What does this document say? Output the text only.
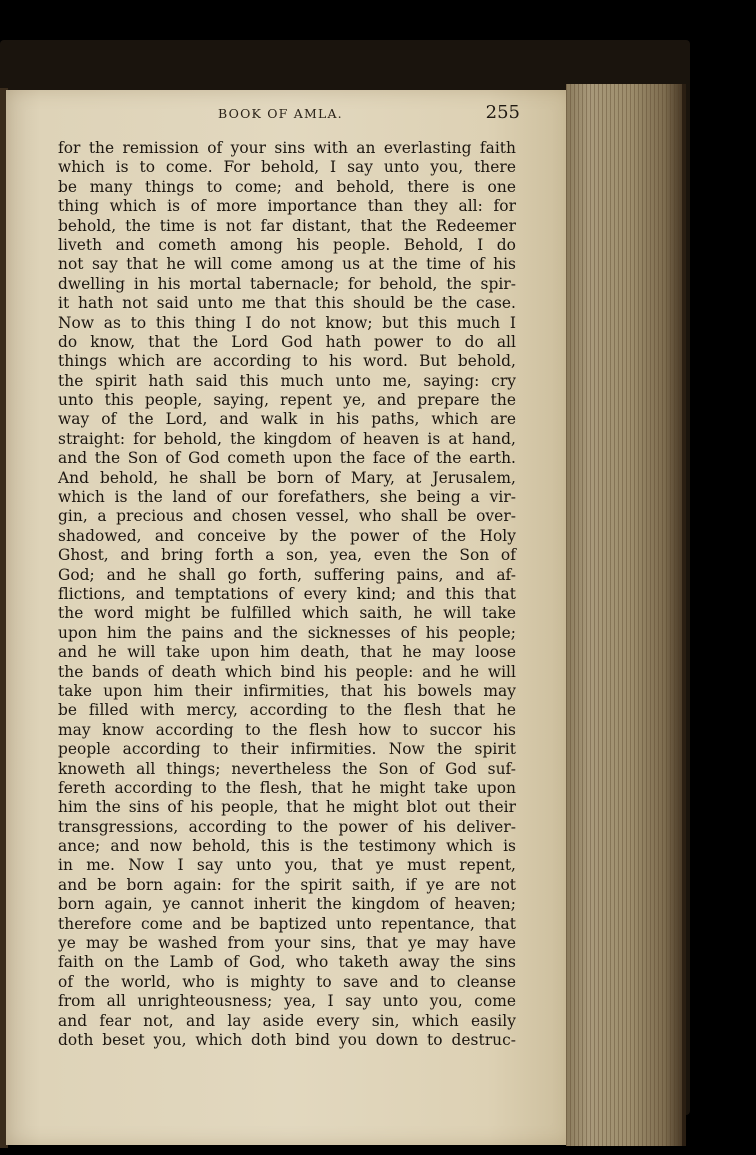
BOOK OF AMLA.	255
for the remission of your sins with an everlasting faith
which is to come. For behold, I say unto you, there
be many things to come; and behold, there is one
thing which is of more importance than they all: for
behold, the time is not far distant, that the Redeemer
liveth and cometh among his people. Behold, I do
not say that he will come among us at the time of his
dwelling in his mortal tabernacle; for behold, the spir-
it hath not said unto me that this should be the case.
Now as to this thing I do not know; but this much I
do know, that the Lord God hath power to do all
things which are according to his word. But behold,
the spirit hath said this much unto me, saying: cry
unto this people, saying, repent ye, and prepare the
way of the Lord, and walk in his paths, which are
straight: for behold, the kingdom of heaven is at hand,
and the Son of God cometh upon the face of the earth.
And behold, he shall be born of Mary, at Jerusalem,
which is the land of our forefathers, she being a vir-
gin, a precious and chosen vessel, who shall be over-
shadowed, and conceive by the power of the Holy
Ghost, and bring forth a son, yea, even the Son of
God; and he shall go forth, suffering pains, and af-
flictions, and temptations of every kind; and this that
the word might be fulfilled which saith, he will take
upon him the pains and the sicknesses of his people;
and he will take upon him death, that he may loose
the bands of death which bind his people: and he will
take upon him their infirmities, that his bowels may
be filled with mercy, according to the flesh that he
may know according to the flesh how to succor his
people according to their infirmities. Now the spirit
knoweth all things; nevertheless the Son of God suf-
fereth according to the flesh, that he might take upon
him the sins of his people, that he might blot out their
transgressions, according to the power of his deliver-
ance; and now behold, this is the testimony which is
in me. Now I say unto you, that ye must repent,
and be born again: for the spirit saith, if ye are not
born again, ye cannot inherit the kingdom of heaven;
therefore come and be baptized unto repentance, that
ye may be washed from your sins, that ye may have
faith on the Lamb of God, who taketh away the sins
of the world, who is mighty to save and to cleanse
from all unrighteousness; yea, I say unto you, come
and fear not, and lay aside every sin, which easily
doth beset you, which doth bind you down to destruc-
